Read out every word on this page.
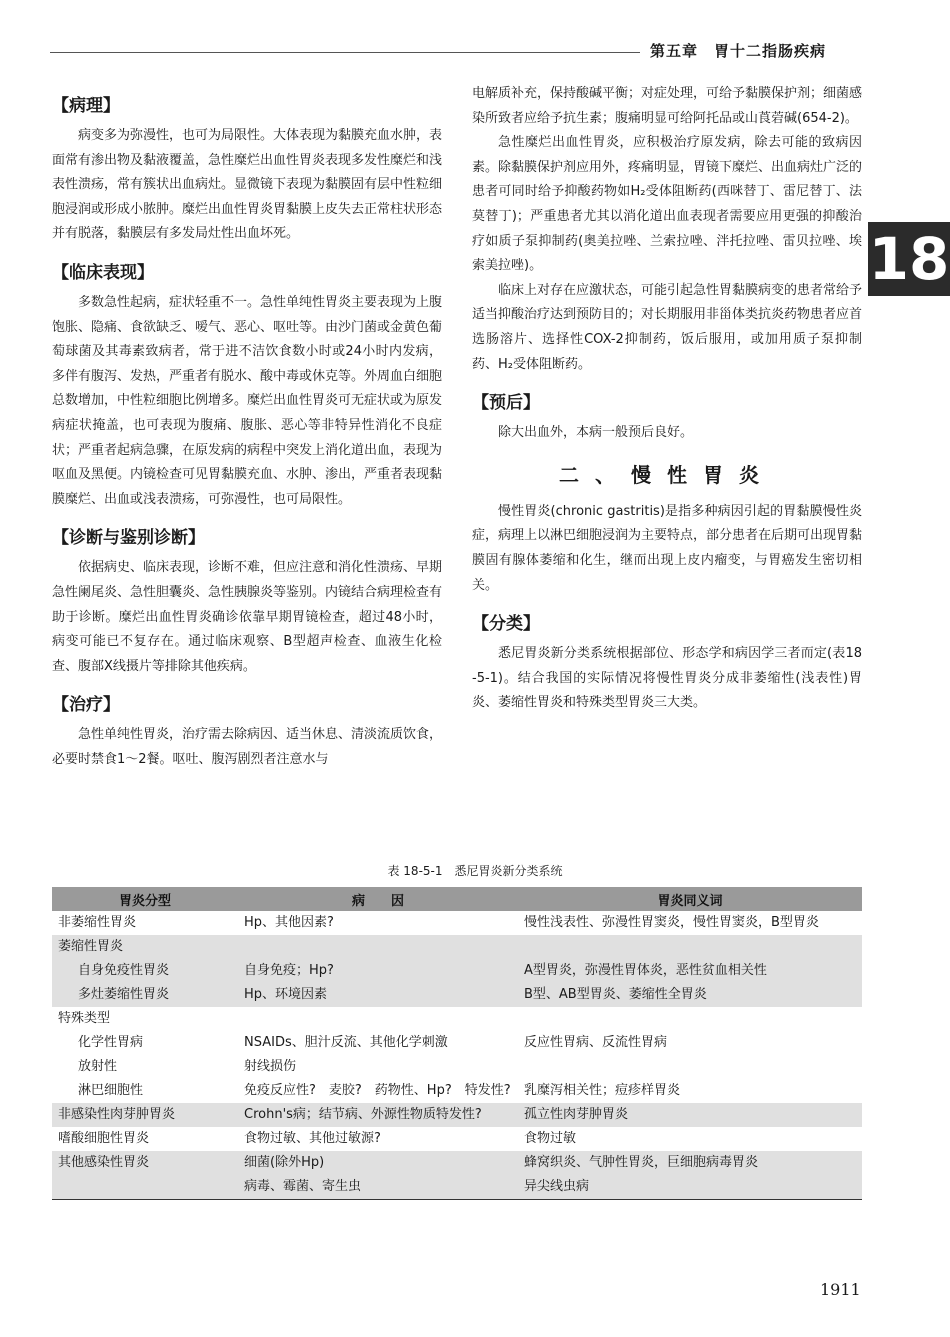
第五章　胃十二指肠疾病
18
【病理】

病变多为弥漫性，也可为局限性。大体表现为黏膜充血水肿，表面常有渗出物及黏液覆盖，急性糜烂出血性胃炎表现多发性糜烂和浅表性溃疡，常有簇状出血病灶。显微镜下表现为黏膜固有层中性粒细胞浸润或形成小脓肿。糜烂出血性胃炎胃黏膜上皮失去正常柱状形态并有脱落，黏膜层有多发局灶性出血坏死。

【临床表现】

多数急性起病，症状轻重不一。急性单纯性胃炎主要表现为上腹饱胀、隐痛、食欲缺乏、嗳气、恶心、呕吐等。由沙门菌或金黄色葡萄球菌及其毒素致病者，常于进不洁饮食数小时或24小时内发病，多伴有腹泻、发热，严重者有脱水、酸中毒或休克等。外周血白细胞总数增加，中性粒细胞比例增多。糜烂出血性胃炎可无症状或为原发病症状掩盖，也可表现为腹痛、腹胀、恶心等非特异性消化不良症状；严重者起病急骤，在原发病的病程中突发上消化道出血，表现为呕血及黑便。内镜检查可见胃黏膜充血、水肿、渗出，严重者表现黏膜糜烂、出血或浅表溃疡，可弥漫性，也可局限性。

【诊断与鉴别诊断】

依据病史、临床表现，诊断不难，但应注意和消化性溃疡、早期急性阑尾炎、急性胆囊炎、急性胰腺炎等鉴别。内镜结合病理检查有助于诊断。糜烂出血性胃炎确诊依靠早期胃镜检查，超过48小时，病变可能已不复存在。通过临床观察、B型超声检查、血液生化检查、腹部X线摄片等排除其他疾病。

【治疗】

急性单纯性胃炎，治疗需去除病因、适当休息、清淡流质饮食，必要时禁食1～2餐。呕吐、腹泻剧烈者注意水与

电解质补充，保持酸碱平衡；对症处理，可给予黏膜保护剂；细菌感染所致者应给予抗生素；腹痛明显可给阿托品或山莨菪碱(654-2)。

急性糜烂出血性胃炎，应积极治疗原发病，除去可能的致病因素。除黏膜保护剂应用外，疼痛明显，胃镜下糜烂、出血病灶广泛的患者可同时给予抑酸药物如H₂受体阻断药(西咪替丁、雷尼替丁、法莫替丁)；严重患者尤其以消化道出血表现者需要应用更强的抑酸治疗如质子泵抑制药(奥美拉唑、兰索拉唑、泮托拉唑、雷贝拉唑、埃索美拉唑)。

临床上对存在应激状态，可能引起急性胃黏膜病变的患者常给予适当抑酸治疗达到预防目的；对长期服用非甾体类抗炎药物患者应首选肠溶片、选择性COX-2抑制药，饭后服用，或加用质子泵抑制药、H₂受体阻断药。

【预后】

除大出血外，本病一般预后良好。

二、慢性胃炎

慢性胃炎(chronic gastritis)是指多种病因引起的胃黏膜慢性炎症，病理上以淋巴细胞浸润为主要特点，部分患者在后期可出现胃黏膜固有腺体萎缩和化生，继而出现上皮内瘤变，与胃癌发生密切相关。

【分类】

悉尼胃炎新分类系统根据部位、形态学和病因学三者而定(表18-5-1)。结合我国的实际情况将慢性胃炎分成非萎缩性(浅表性)胃炎、萎缩性胃炎和特殊类型胃炎三大类。

表 18-5-1　悉尼胃炎新分类系统
胃炎分型	病　　因	胃炎同义词
非萎缩性胃炎	Hp、其他因素?	慢性浅表性、弥漫性胃窦炎，慢性胃窦炎，B型胃炎
萎缩性胃炎		
自身免疫性胃炎	自身免疫；Hp?	A型胃炎，弥漫性胃体炎，恶性贫血相关性
多灶萎缩性胃炎	Hp、环境因素	B型、AB型胃炎、萎缩性全胃炎
特殊类型		
化学性胃病	NSAIDs、胆汁反流、其他化学刺激	反应性胃病、反流性胃病
放射性	射线损伤	
淋巴细胞性	免疫反应性?　麦胶?　药物性、Hp?　特发性?	乳糜泻相关性；痘疹样胃炎
非感染性肉芽肿胃炎	Crohn's病；结节病、外源性物质特发性?	孤立性肉芽肿胃炎
嗜酸细胞性胃炎	食物过敏、其他过敏源?	食物过敏
其他感染性胃炎	细菌(除外Hp)	蜂窝织炎、气肿性胃炎，巨细胞病毒胃炎
	病毒、霉菌、寄生虫	异尖线虫病
1911
